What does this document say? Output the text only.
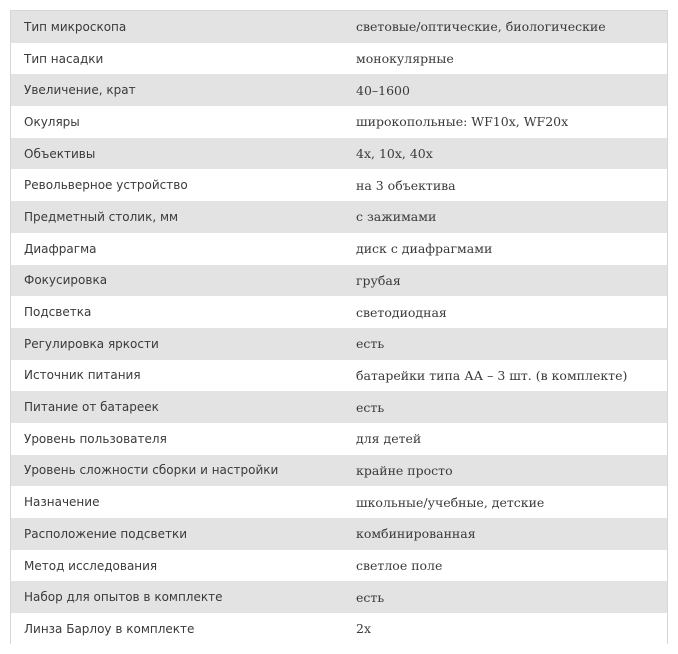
Тип микроскопа	световые/оптические, биологические
Тип насадки	монокулярные
Увеличение, крат	40–1600
Окуляры	широкопольные: WF10x, WF20x
Объективы	4x, 10x, 40x
Револьверное устройство	на 3 объектива
Предметный столик, мм	с зажимами
Диафрагма	диск с диафрагмами
Фокусировка	грубая
Подсветка	светодиодная
Регулировка яркости	есть
Источник питания	батарейки типа АА – 3 шт. (в комплекте)
Питание от батареек	есть
Уровень пользователя	для детей
Уровень сложности сборки и настройки	крайне просто
Назначение	школьные/учебные, детские
Расположение подсветки	комбинированная
Метод исследования	светлое поле
Набор для опытов в комплекте	есть
Линза Барлоу в комплекте	2x
